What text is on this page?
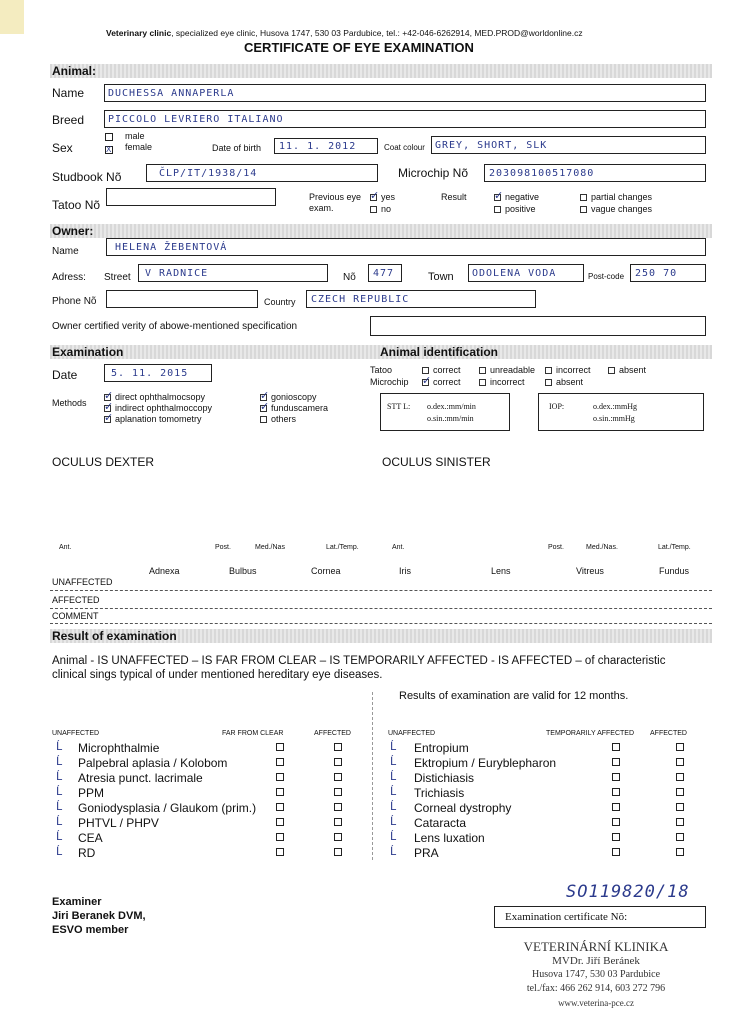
Veterinary clinic, specialized eye clinic, Husova 1747, 530 03 Pardubice, tel.: +42-046-6262914, MED.PROD@worldonline.cz
CERTIFICATE OF EYE EXAMINATION
Animal:
Name DUCHESSA ANNAPERLA
Breed PICCOLO LEVRIERO ITALIANO
Sex
male
X female	Date of birth 11. 1. 2012	Coat colour GREY, SHORT, SLK
Studbook Nõ	ČLP/IT/1938/14	Microchip Nõ 203098100517080
Tatoo Nõ
Previous eye
exam.
✓yes
no
Result
✓	negative
positive
partial changes
vague changes
Owner:
Name	HELENA ŽEBENTOVÁ
Adress: Street V RADNICE	Nõ 477	Town ODOLENA VODA	Post-code 250 70
Phone Nõ	Country CZECH REPUBLIC
Owner certified verity of abowe-mentioned specification
Examination	Animal identification
Date	5. 11. 2015	Tatoo
Microchip
correct	unreadable	incorrect	absent
✓correct	incorrect	absent
Methods
✓direct ophthalmocsopy
✓indirect ophthalmoccopy
✓aplanation tomometry
✓gonioscopy
✓funduscamera
others
STT L: o.dex.:mm/min
o.sin.:mm/min
IOP:	o.dex.:mmHg
o.sin.:mmHg
OCULUS DEXTER	OCULUS SINISTER
Ant.	Post.	Med./Nas	Lat./Temp.	Ant.	Post.	Med./Nas.	Lat./Temp.
Adnexa	Bulbus	Cornea	Iris	Lens	Vitreus	Fundus
UNAFFECTED
AFFECTED
COMMENT
Result of examination
Animal - IS UNAFFECTED – IS FAR FROM CLEAR – IS TEMPORARILY AFFECTED - IS AFFECTED – of characteristic
clinical sings typical of under mentioned hereditary eye diseases.
Results of examination are valid for 12 months.
UNAFFECTED	FAR FROM CLEAR	AFFECTED	UNAFFECTED	TEMPORARILY AFFECTED AFFECTED
Ĺ Microphthalmie
Ĺ Palpebral aplasia / Kolobom
Ĺ Atresia punct. lacrimale
Ĺ PPM
Ĺ Goniodysplasia / Glaukom (prim.)
Ĺ PHTVL / PHPV
Ĺ CEA
Ĺ RD
Ĺ Entropium
Ĺ Ektropium / Euryblepharon
Ĺ Distichiasis
Ĺ Trichiasis
Ĺ Corneal dystrophy
Ĺ Cataracta
Ĺ Lens luxation
Ĺ PRA
Examiner
Jiri Beranek DVM,
ESVO member
SO119820/18
Examination certificate Nõ:
VETERINÁRNÍ KLINIKA
MVDr. Jiří Beránek
Husova 1747, 530 03 Pardubice
tel./fax: 466 262 914, 603 272 796
www.veterina-pce.cz
